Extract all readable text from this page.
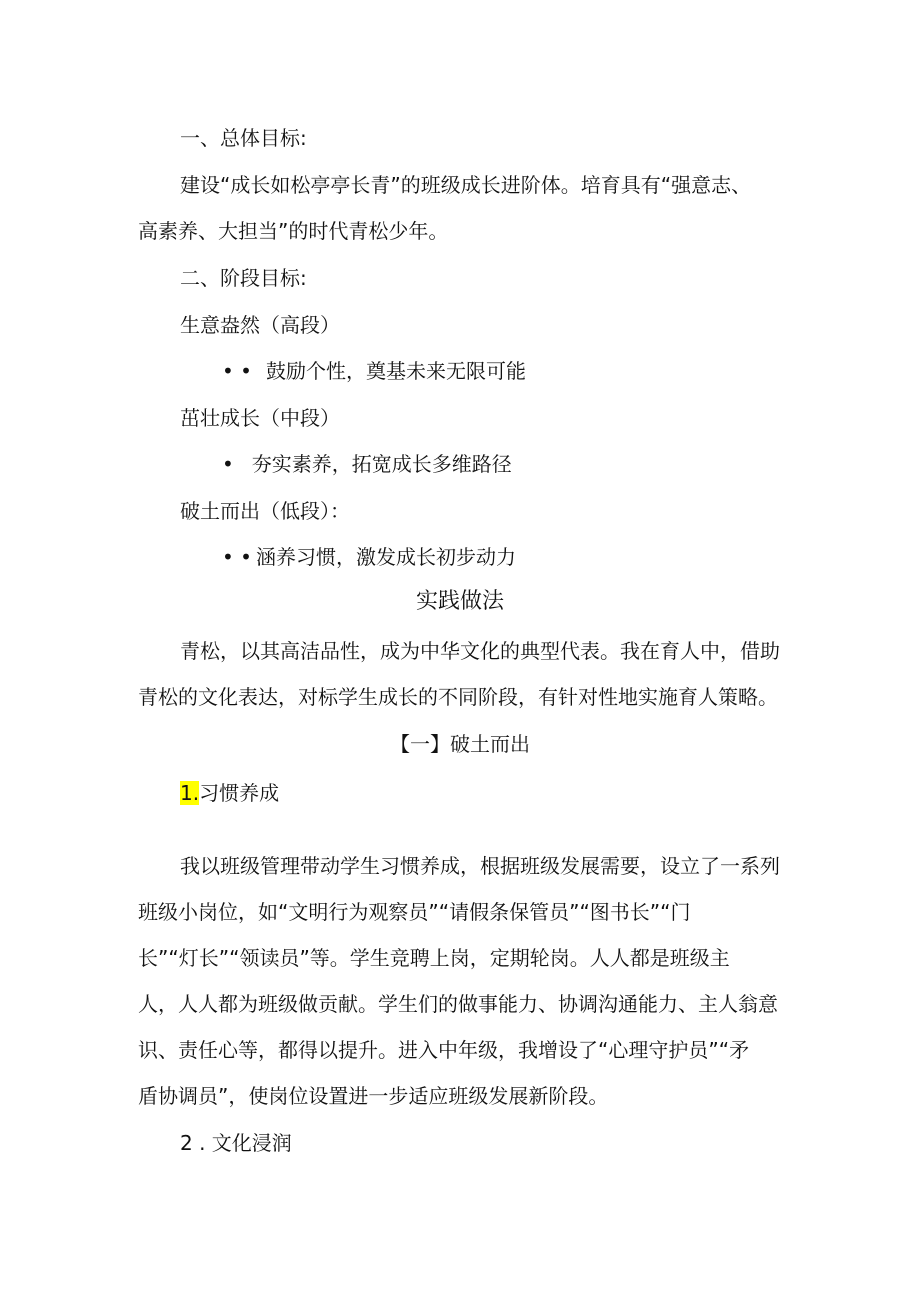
一、总体目标:
建设“成长如松亭亭长青”的班级成长进阶体。培育具有“强意志、
高素养、大担当”的时代青松少年。
二、阶段目标:
生意盎然（高段）
• • 鼓励个性，奠基未来无限可能
茁壮成长（中段）
• 夯实素养，拓宽成长多维路径
破土而出（低段）：
• • 涵养习惯，激发成长初步动力
实践做法
青松，以其高洁品性，成为中华文化的典型代表。我在育人中，借助
青松的文化表达，对标学生成长的不同阶段，有针对性地实施育人策略。
【一】破土而出
1.习惯养成
我以班级管理带动学生习惯养成，根据班级发展需要，设立了一系列
班级小岗位，如“文明行为观察员”“请假条保管员”“图书长”“门
长”“灯长”“领读员”等。学生竞聘上岗，定期轮岗。人人都是班级主
人，人人都为班级做贡献。学生们的做事能力、协调沟通能力、主人翁意
识、责任心等，都得以提升。进入中年级，我增设了“心理守护员”“矛
盾协调员”，使岗位设置进一步适应班级发展新阶段。
2 . 文化浸润
